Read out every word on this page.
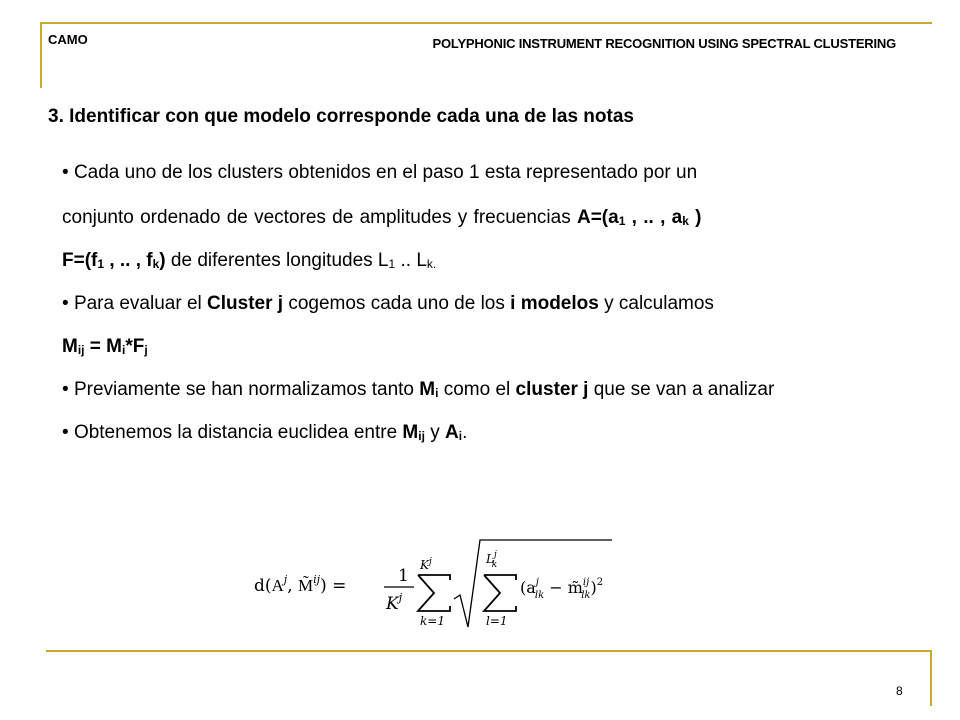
CAMO	POLYPHONIC INSTRUMENT RECOGNITION USING SPECTRAL CLUSTERING
3. Identificar con que modelo corresponde cada una de las notas
• Cada uno de los clusters obtenidos en el paso 1 esta representado por un
conjunto ordenado de vectores de amplitudes y frecuencias A=(a1 , .. , ak )
F=(f1 , .. , fk) de diferentes longitudes L1 .. Lk.
• Para evaluar el Cluster j cogemos cada uno de los i modelos y calculamos
Mij = Mi*Fj
• Previamente se han normalizamos tanto Mi como el cluster j que se van a analizar
• Obtenemos la distancia euclidea entre Mij y Ai.
$d(A^j$, M̃$^{ij}$) =	1
$K^j$
$K^j$
k=1
$L^j$ k
l=1
($a^j$ lk − m̃$^{ij}$ lk)$^2$
8
